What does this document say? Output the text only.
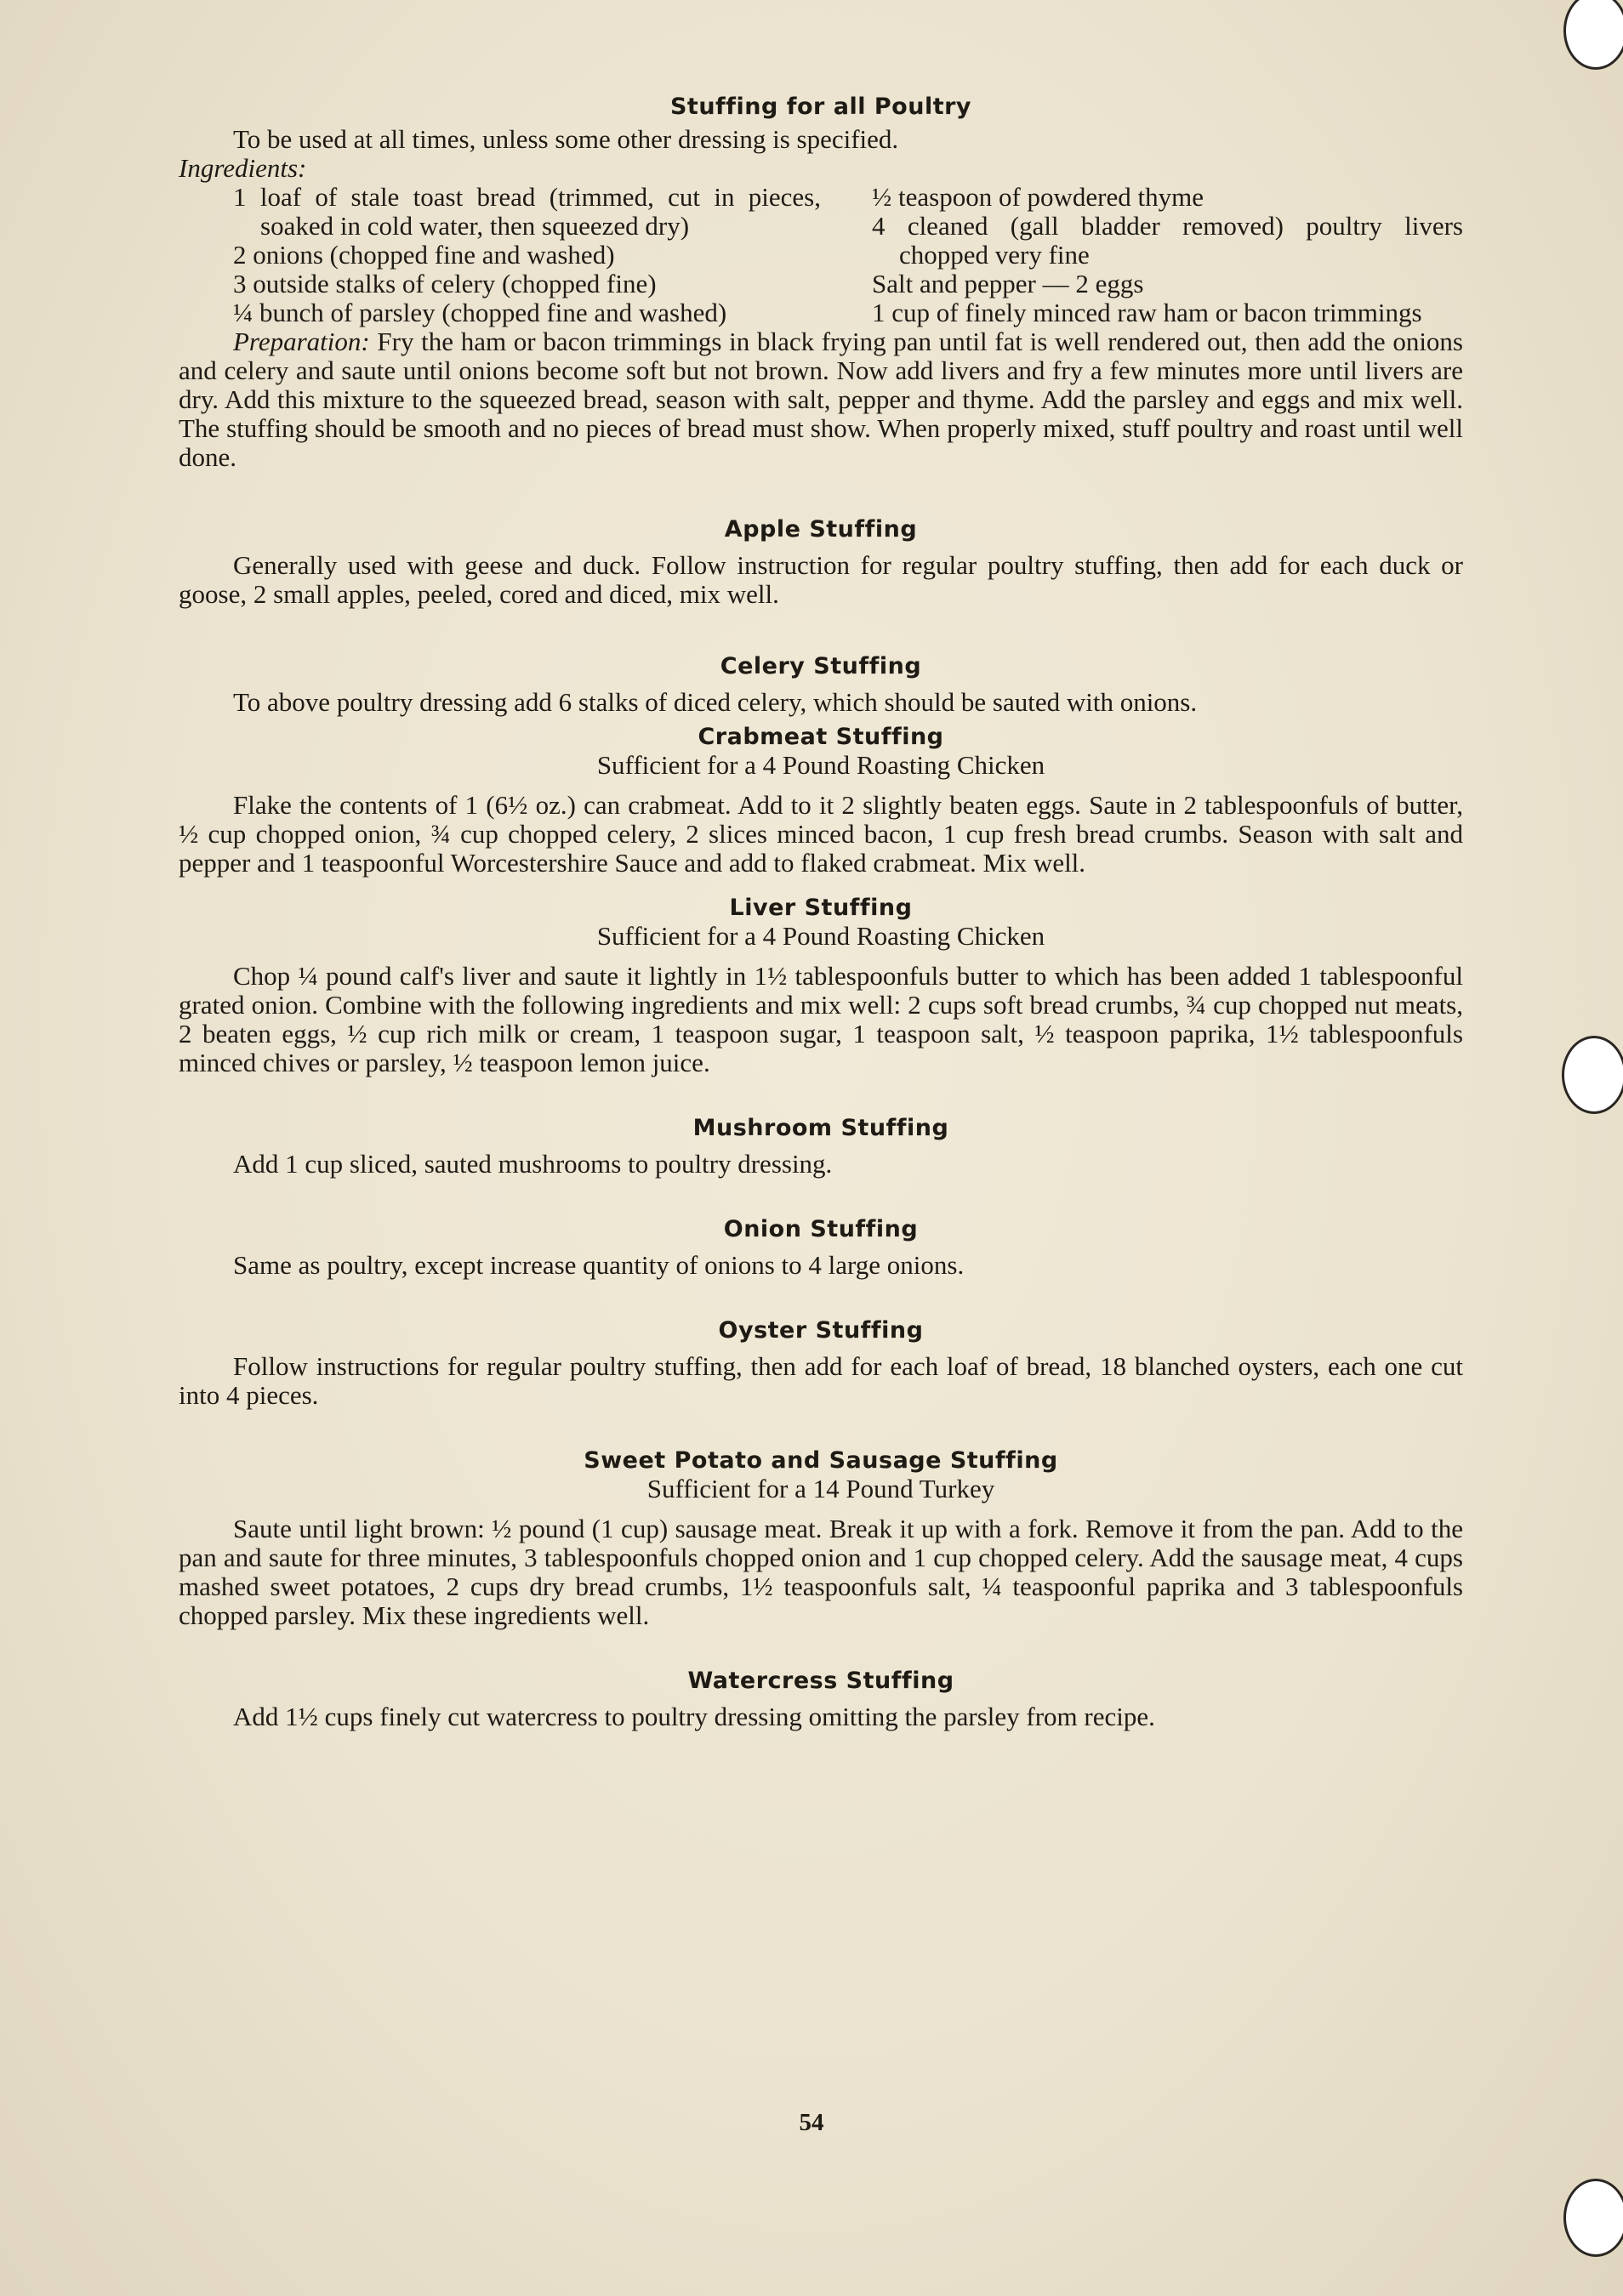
Stuffing for all Poultry

To be used at all times, unless some other dressing is specified.

Ingredients:

1 loaf of stale toast bread (trimmed, cut in pieces, soaked in cold water, then squeezed dry)

2 onions (chopped fine and washed)

3 outside stalks of celery (chopped fine)

¼ bunch of parsley (chopped fine and washed)

½ teaspoon of powdered thyme

4 cleaned (gall bladder removed) poultry livers chopped very fine

Salt and pepper — 2 eggs

1 cup of finely minced raw ham or bacon trimmings

Preparation: Fry the ham or bacon trimmings in black frying pan until fat is well rendered out, then add the onions and celery and saute until onions become soft but not brown. Now add livers and fry a few minutes more until livers are dry. Add this mixture to the squeezed bread, season with salt, pepper and thyme. Add the parsley and eggs and mix well. The stuffing should be smooth and no pieces of bread must show. When properly mixed, stuff poultry and roast until well done.

Apple Stuffing

Generally used with geese and duck. Follow instruction for regular poultry stuffing, then add for each duck or goose, 2 small apples, peeled, cored and diced, mix well.

Celery Stuffing

To above poultry dressing add 6 stalks of diced celery, which should be sauted with onions.

Crabmeat Stuffing

Sufficient for a 4 Pound Roasting Chicken

Flake the contents of 1 (6½ oz.) can crabmeat. Add to it 2 slightly beaten eggs. Saute in 2 tablespoonfuls of butter, ½ cup chopped onion, ¾ cup chopped celery, 2 slices minced bacon, 1 cup fresh bread crumbs. Season with salt and pepper and 1 teaspoonful Worcestershire Sauce and add to flaked crabmeat. Mix well.

Liver Stuffing

Sufficient for a 4 Pound Roasting Chicken

Chop ¼ pound calf's liver and saute it lightly in 1½ tablespoonfuls butter to which has been added 1 tablespoonful grated onion. Combine with the following ingredients and mix well: 2 cups soft bread crumbs, ¾ cup chopped nut meats, 2 beaten eggs, ½ cup rich milk or cream, 1 teaspoon sugar, 1 teaspoon salt, ½ teaspoon paprika, 1½ tablespoonfuls minced chives or parsley, ½ teaspoon lemon juice.

Mushroom Stuffing

Add 1 cup sliced, sauted mushrooms to poultry dressing.

Onion Stuffing

Same as poultry, except increase quantity of onions to 4 large onions.

Oyster Stuffing

Follow instructions for regular poultry stuffing, then add for each loaf of bread, 18 blanched oysters, each one cut into 4 pieces.

Sweet Potato and Sausage Stuffing

Sufficient for a 14 Pound Turkey

Saute until light brown: ½ pound (1 cup) sausage meat. Break it up with a fork. Remove it from the pan. Add to the pan and saute for three minutes, 3 tablespoonfuls chopped onion and 1 cup chopped celery. Add the sausage meat, 4 cups mashed sweet potatoes, 2 cups dry bread crumbs, 1½ teaspoonfuls salt, ¼ teaspoonful paprika and 3 tablespoonfuls chopped parsley. Mix these ingredients well.

Watercress Stuffing

Add 1½ cups finely cut watercress to poultry dressing omitting the parsley from recipe.

54
